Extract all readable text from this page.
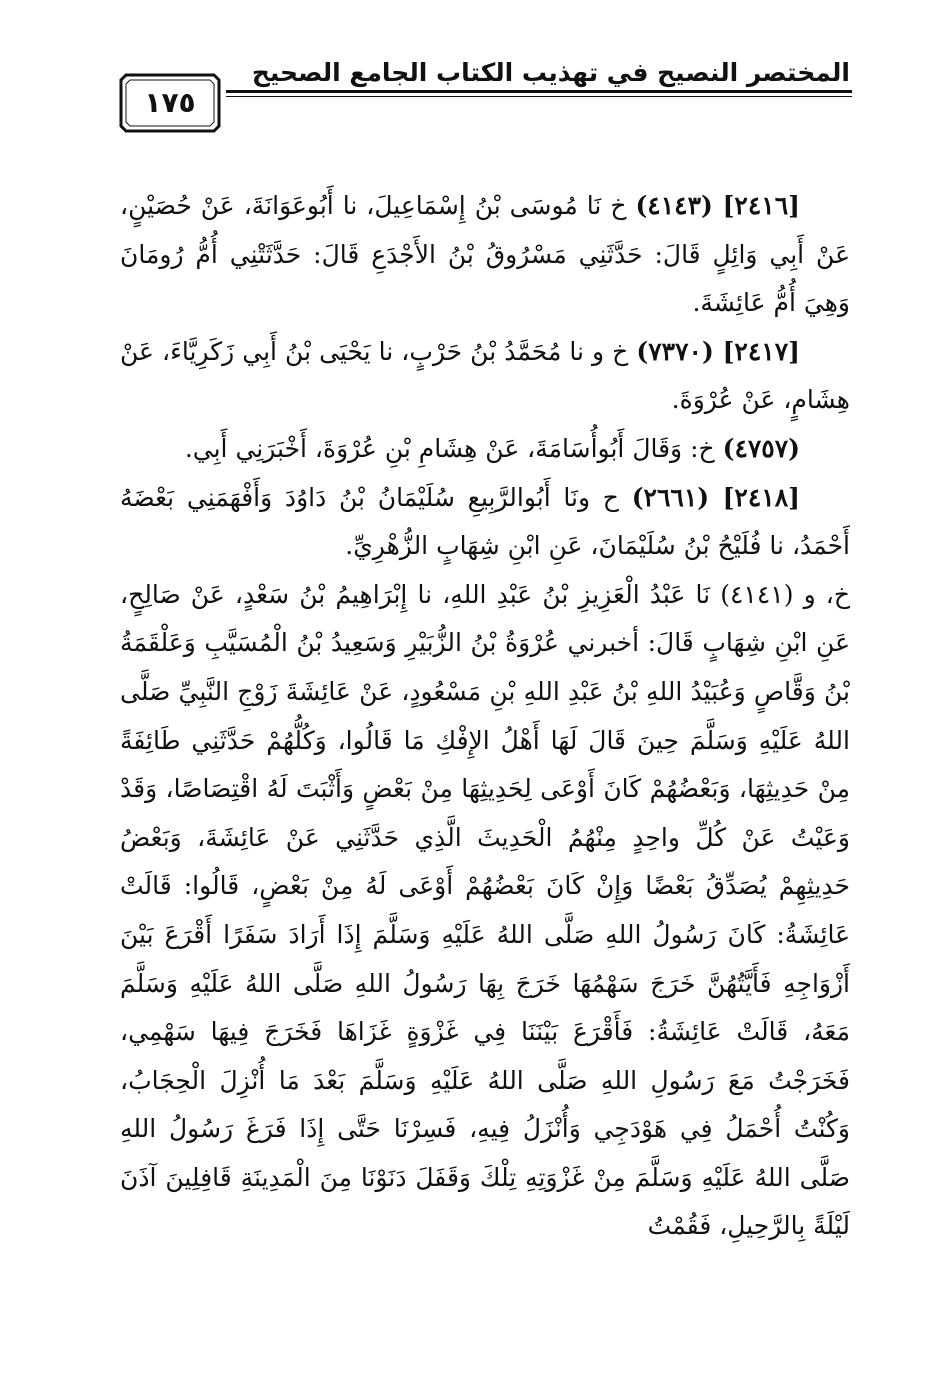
المختصر النصيح في تهذيب الكتاب الجامع الصحيح
١٧٥

[٢٤١٦] (٤١٤٣) خ نَا مُوسَى بْنُ إِسْمَاعِيلَ، نا أَبُوعَوَانَةَ، عَنْ حُصَيْنٍ، عَنْ أَبِي وَائِلٍ قَالَ: حَدَّثَنِي مَسْرُوقُ بْنُ الأَجْدَعِ قَالَ: حَدَّثَتْنِي أُمُّ رُومَانَ وَهِيَ أُمُّ عَائِشَةَ.

[٢٤١٧] (٧٣٧٠) خ و نا مُحَمَّدُ بْنُ حَرْبٍ، نا يَحْيَى بْنُ أَبِي زَكَرِيَّاءَ، عَنْ هِشَامٍ، عَنْ عُرْوَةَ.

(٤٧٥٧) خ: وَقَالَ أَبُوأُسَامَةَ، عَنْ هِشَامِ بْنِ عُرْوَةَ، أَخْبَرَنِي أَبِي.

[٢٤١٨] (٢٦٦١) ح ونَا أَبُوالرَّبِيعِ سُلَيْمَانُ بْنُ دَاوُدَ وَأَفْهَمَنِي بَعْضَهُ أَحْمَدُ، نا فُلَيْحُ بْنُ سُلَيْمَانَ، عَنِ ابْنِ شِهَابٍ الزُّهْرِيِّ.

خ، و (٤١٤١) نَا عَبْدُ الْعَزِيزِ بْنُ عَبْدِ اللهِ، نا إِبْرَاهِيمُ بْنُ سَعْدٍ، عَنْ صَالِحٍ، عَنِ ابْنِ شِهَابٍ قَالَ: أخبرني عُرْوَةُ بْنُ الزُّبَيْرِ وَسَعِيدُ بْنُ الْمُسَيَّبِ وَعَلْقَمَةُ بْنُ وَقَّاصٍ وَعُبَيْدُ اللهِ بْنُ عَبْدِ اللهِ بْنِ مَسْعُودٍ، عَنْ عَائِشَةَ زَوْجِ النَّبِيِّ صَلَّى اللهُ عَلَيْهِ وَسَلَّمَ حِينَ قَالَ لَهَا أَهْلُ الإِفْكِ مَا قَالُوا، وَكُلُّهُمْ حَدَّثَنِي طَائِفَةً مِنْ حَدِيثِهَا، وَبَعْضُهُمْ كَانَ أَوْعَى لِحَدِيثِهَا مِنْ بَعْضٍ وَأَثْبَتَ لَهُ اقْتِصَاصًا، وَقَدْ وَعَيْتُ عَنْ كُلِّ واحِدٍ مِنْهُمُ الْحَدِيثَ الَّذِي حَدَّثَنِي عَنْ عَائِشَةَ، وَبَعْضُ حَدِيثِهِمْ يُصَدِّقُ بَعْضًا وَإِنْ كَانَ بَعْضُهُمْ أَوْعَى لَهُ مِنْ بَعْضٍ، قَالُوا: قَالَتْ عَائِشَةُ: كَانَ رَسُولُ اللهِ صَلَّى اللهُ عَلَيْهِ وَسَلَّمَ إِذَا أَرَادَ سَفَرًا أَقْرَعَ بَيْنَ أَزْوَاجِهِ فَأَيَّتُهُنَّ خَرَجَ سَهْمُهَا خَرَجَ بِهَا رَسُولُ اللهِ صَلَّى اللهُ عَلَيْهِ وَسَلَّمَ مَعَهُ، قَالَتْ عَائِشَةُ: فَأَقْرَعَ بَيْنَنَا فِي غَزْوَةٍ غَزَاهَا فَخَرَجَ فِيهَا سَهْمِي، فَخَرَجْتُ مَعَ رَسُولِ اللهِ صَلَّى اللهُ عَلَيْهِ وَسَلَّمَ بَعْدَ مَا أُنْزِلَ الْحِجَابُ، وَكُنْتُ أُحْمَلُ فِي هَوْدَجِي وَأُنْزَلُ فِيهِ، فَسِرْنَا حَتَّى إِذَا فَرَغَ رَسُولُ اللهِ صَلَّى اللهُ عَلَيْهِ وَسَلَّمَ مِنْ غَزْوَتِهِ تِلْكَ وَقَفَلَ دَنَوْنَا مِنَ الْمَدِينَةِ قَافِلِينَ آذَنَ لَيْلَةً بِالرَّحِيلِ، فَقُمْتُ
